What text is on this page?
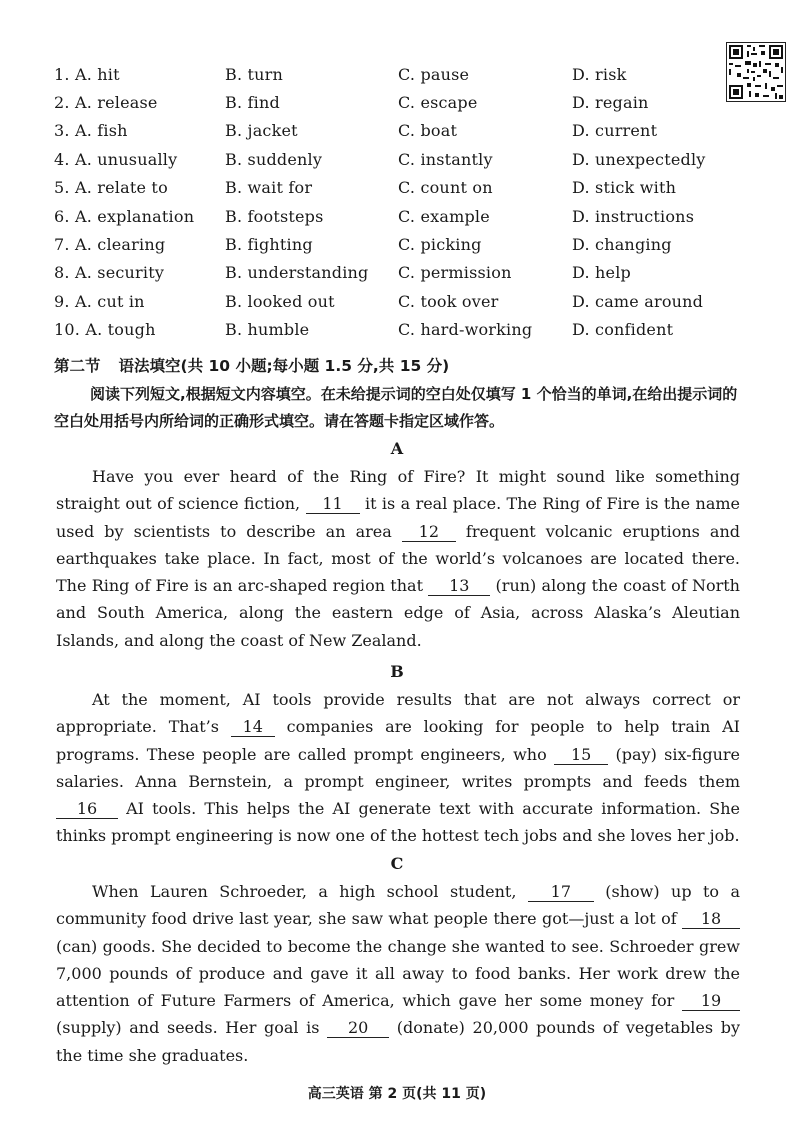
1. A. hit	B. turn	C. pause	D. risk
2. A. release	B. find	C. escape	D. regain
3. A. fish	B. jacket	C. boat	D. current
4. A. unusually	B. suddenly	C. instantly	D. unexpectedly
5. A. relate to	B. wait for	C. count on	D. stick with
6. A. explanation	B. footsteps	C. example	D. instructions
7. A. clearing	B. fighting	C. picking	D. changing
8. A. security	B. understanding	C. permission	D. help
9. A. cut in	B. looked out	C. took over	D. came around
10. A. tough	B. humble	C. hard-working	D. confident
第二节 语法填空(共 10 小题;每小题 1.5 分,共 15 分)
阅读下列短文,根据短文内容填空。在未给提示词的空白处仅填写 1 个恰当的单词,在给出提示词的空白处用括号内所给词的正确形式填空。请在答题卡指定区域作答。
A
Have you ever heard of the Ring of Fire? It might sound like something straight out of science fiction, 11 it is a real place. The Ring of Fire is the name used by scientists to describe an area 12 frequent volcanic eruptions and earthquakes take place. In fact, most of the world’s volcanoes are located there. The Ring of Fire is an arc-shaped region that 13 (run) along the coast of North and South America, along the eastern edge of Asia, across Alaska’s Aleutian Islands, and along the coast of New Zealand.
B
At the moment, AI tools provide results that are not always correct or appropriate. That’s 14 companies are looking for people to help train AI programs. These people are called prompt engineers, who 15 (pay) six-figure salaries. Anna Bernstein, a prompt engineer, writes prompts and feeds them 16 AI tools. This helps the AI generate text with accurate information. She thinks prompt engineering is now one of the hottest tech jobs and she loves her job.
C
When Lauren Schroeder, a high school student, 17 (show) up to a community food drive last year, she saw what people there got—just a lot of 18 (can) goods. She decided to become the change she wanted to see. Schroeder grew 7,000 pounds of produce and gave it all away to food banks. Her work drew the attention of Future Farmers of America, which gave her some money for 19 (supply) and seeds. Her goal is 20 (donate) 20,000 pounds of vegetables by the time she graduates.
高三英语 第 2 页(共 11 页)
